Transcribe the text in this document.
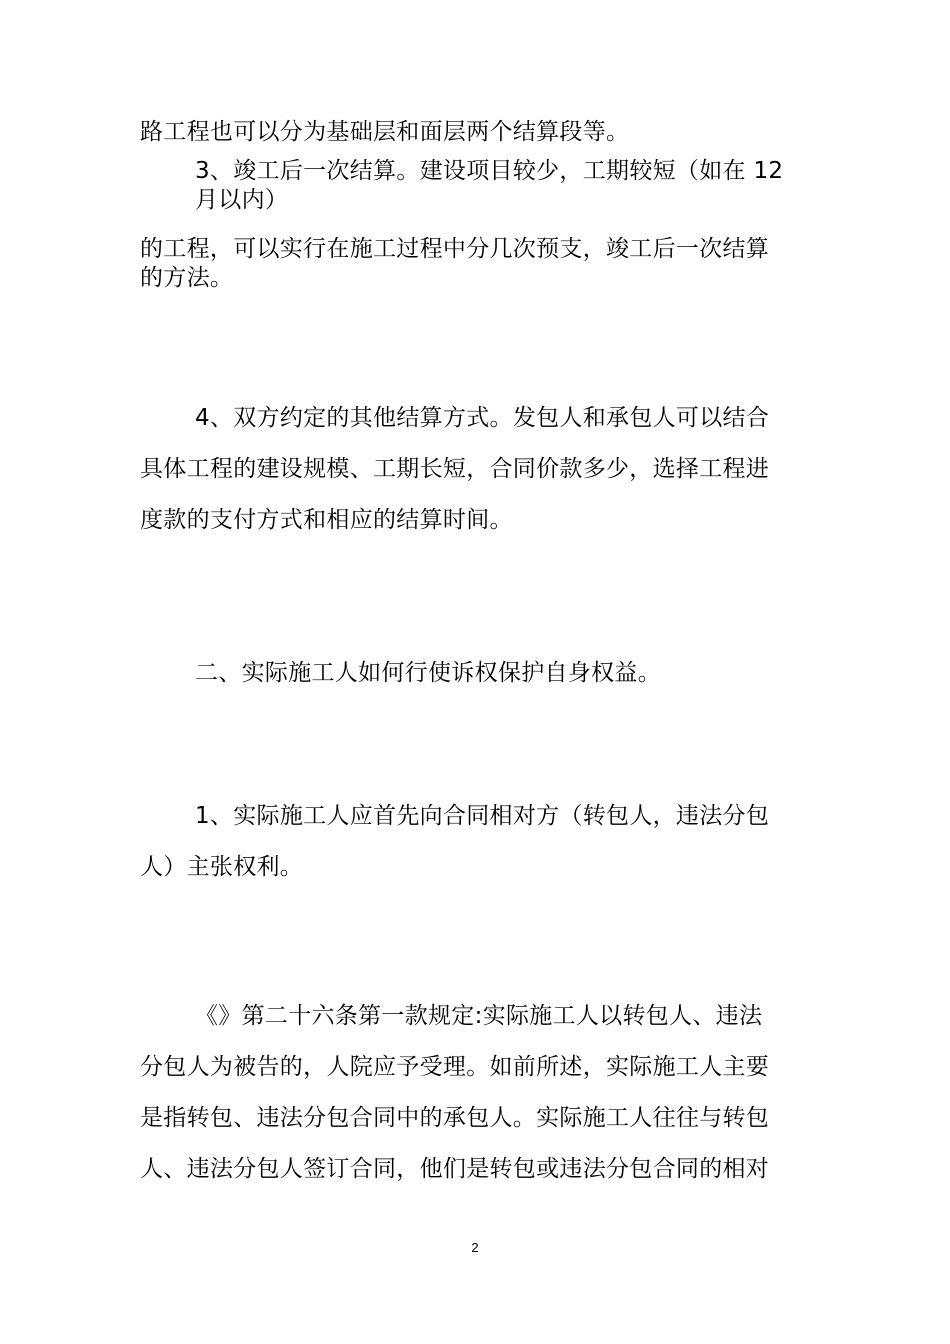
路工程也可以分为基础层和面层两个结算段等。
3、竣工后一次结算。建设项目较少，工期较短（如在 12
月以内）
的工程，可以实行在施工过程中分几次预支，竣工后一次结算
的方法。
4、双方约定的其他结算方式。发包人和承包人可以结合
具体工程的建设规模、工期长短，合同价款多少，选择工程进
度款的支付方式和相应的结算时间。
二、实际施工人如何行使诉权保护自身权益。
1、实际施工人应首先向合同相对方（转包人，违法分包
人）主张权利。
《》第二十六条第一款规定:实际施工人以转包人、违法
分包人为被告的，人院应予受理。如前所述，实际施工人主要
是指转包、违法分包合同中的承包人。实际施工人往往与转包
人、违法分包人签订合同，他们是转包或违法分包合同的相对
2
